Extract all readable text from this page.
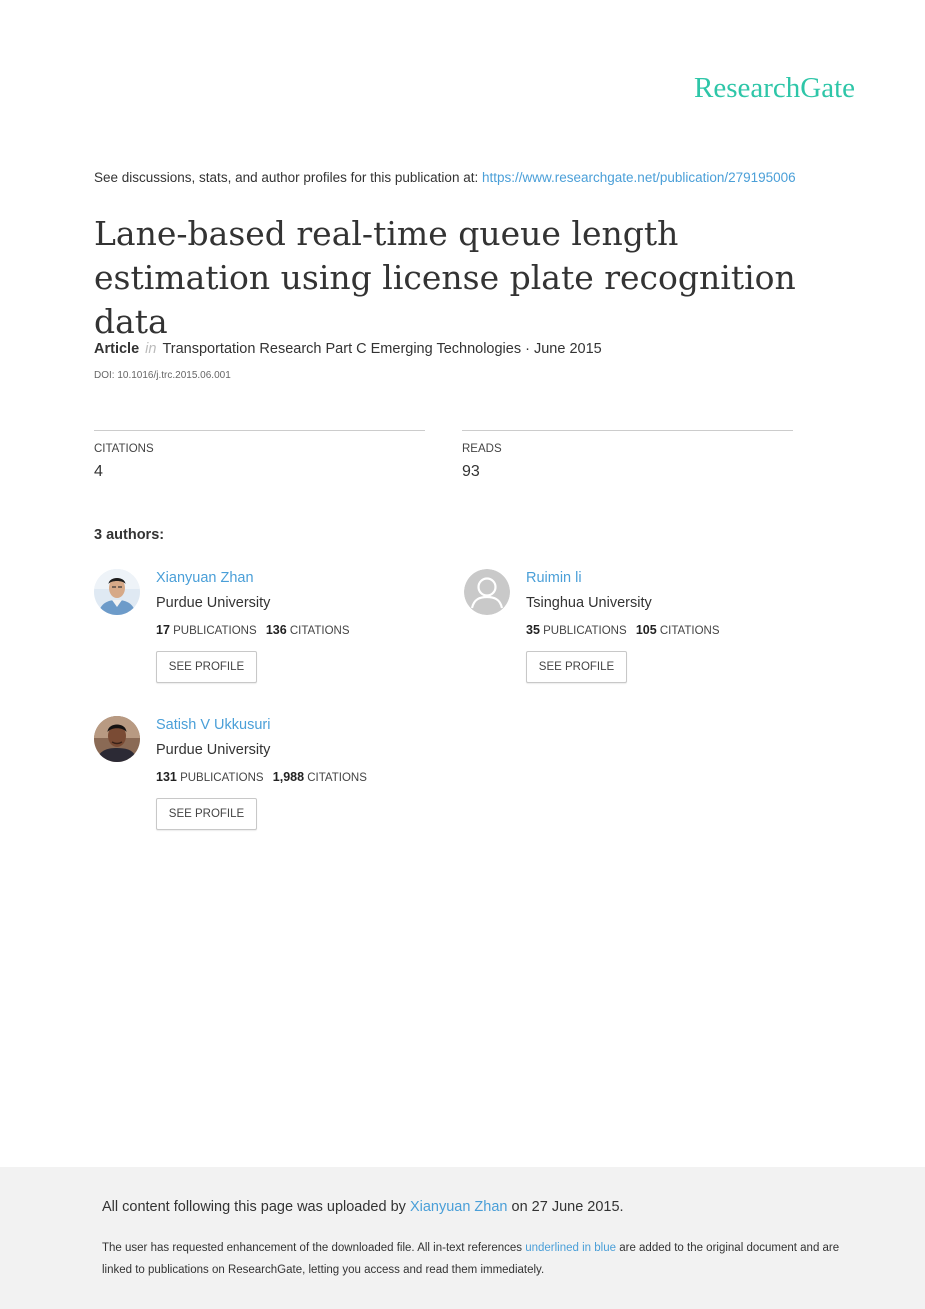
ResearchGate
See discussions, stats, and author profiles for this publication at: https://www.researchgate.net/publication/279195006
Lane-based real-time queue length estimation using license plate recognition data
Article in Transportation Research Part C Emerging Technologies · June 2015
DOI: 10.1016/j.trc.2015.06.001
CITATIONS
4
READS
93
3 authors:
Xianyuan Zhan
Purdue University
17 PUBLICATIONS 136 CITATIONS
SEE PROFILE
Ruimin li
Tsinghua University
35 PUBLICATIONS 105 CITATIONS
SEE PROFILE
Satish V Ukkusuri
Purdue University
131 PUBLICATIONS 1,988 CITATIONS
SEE PROFILE
All content following this page was uploaded by Xianyuan Zhan on 27 June 2015.
The user has requested enhancement of the downloaded file. All in-text references underlined in blue are added to the original document and are linked to publications on ResearchGate, letting you access and read them immediately.
